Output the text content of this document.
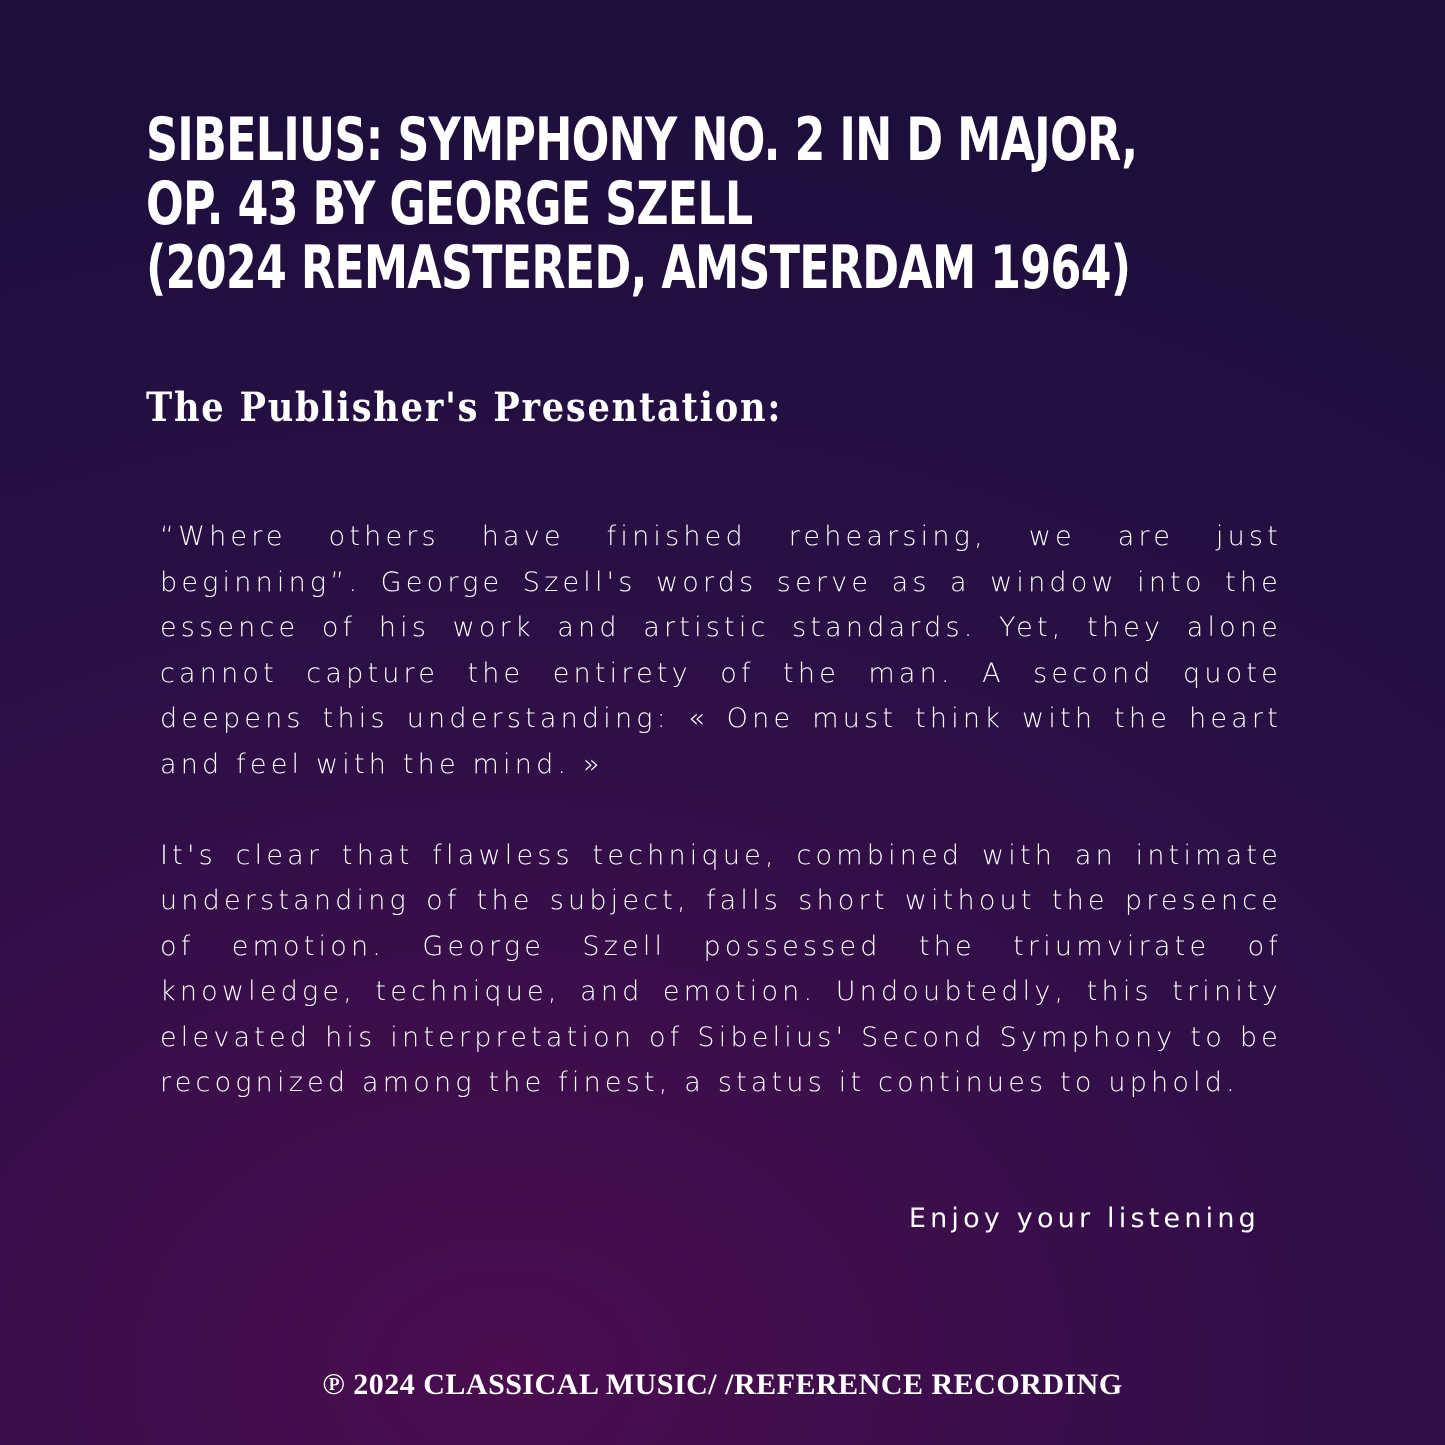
SIBELIUS: SYMPHONY NO. 2 IN D MAJOR,
OP. 43 BY GEORGE SZELL
(2024 REMASTERED, AMSTERDAM 1964)
The Publisher's Presentation:

“Where others have finished rehearsing, we are just beginning”. George Szell's words serve as a window into the essence of his work and artistic standards. Yet, they alone cannot capture the entirety of the man. A second quote deepens this understanding: « One must think with the heart and feel with the mind. »

It's clear that flawless technique, combined with an intimate understanding of the subject, falls short without the presence of emotion. George Szell possessed the triumvirate of knowledge, technique, and emotion. Undoubtedly, this trinity elevated his interpretation of Sibelius' Second Symphony to be recognized among the finest, a status it continues to uphold.

Enjoy your listening
℗ 2024 CLASSICAL MUSIC/ /REFERENCE RECORDING
